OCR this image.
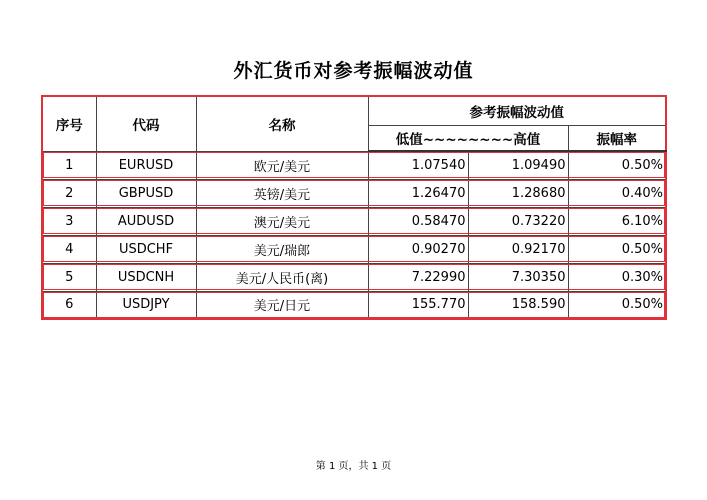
外汇货币对参考振幅波动值
序号	代码	名称	参考振幅波动值		
			低值~~~~~~~~高值		振幅率
1	EURUSD	欧元/美元	1.07540	1.09490	0.50%
2	GBPUSD	英镑/美元	1.26470	1.28680	0.40%
3	AUDUSD	澳元/美元	0.58470	0.73220	6.10%
4	USDCHF	美元/瑞郎	0.90270	0.92170	0.50%
5	USDCNH	美元/人民币(离)	7.22990	7.30350	0.30%
6	USDJPY	美元/日元	155.770	158.590	0.50%
第 1 页，共 1 页
